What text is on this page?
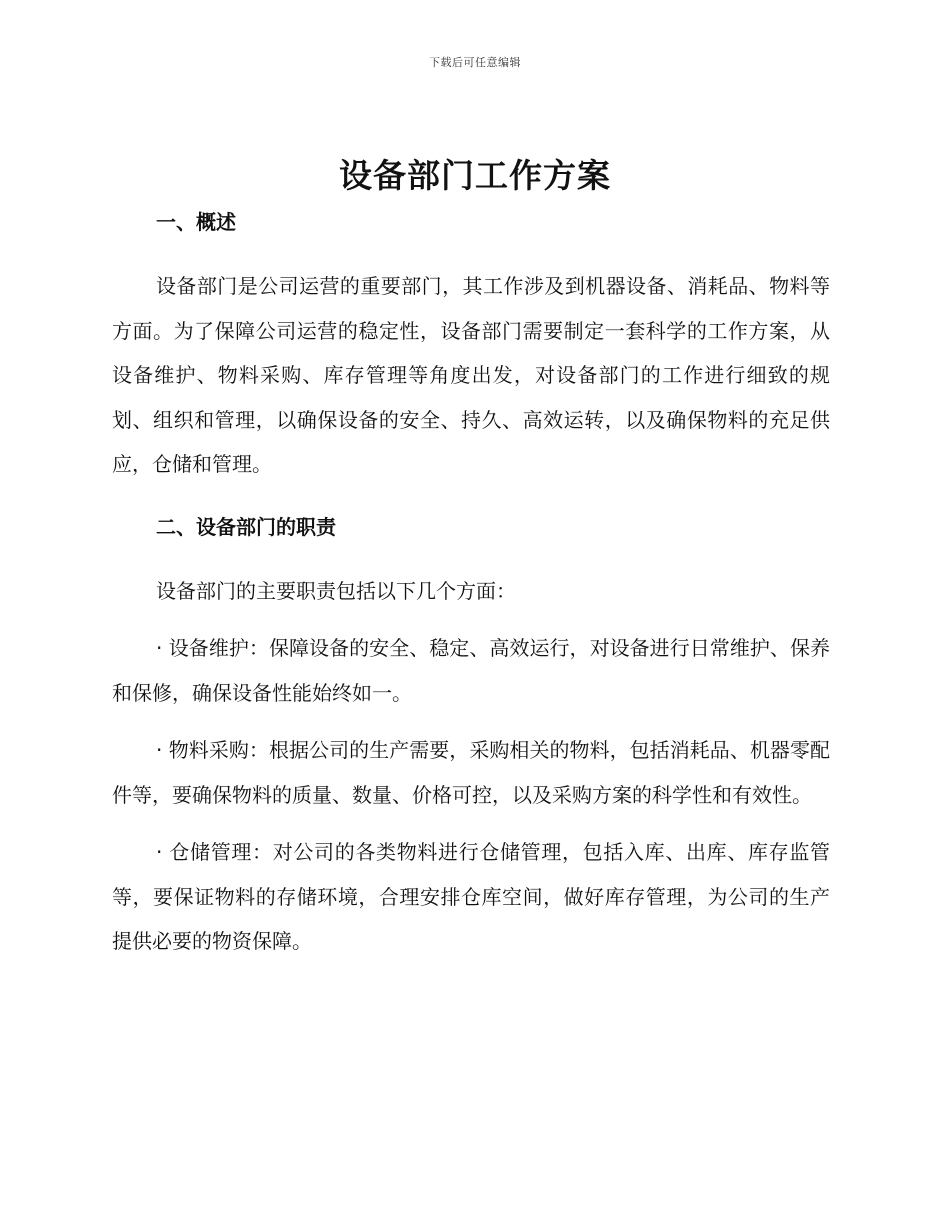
下载后可任意编辑
设备部门工作方案
一、概述

设备部门是公司运营的重要部门，其工作涉及到机器设备、消耗品、物料等方面。为了保障公司运营的稳定性，设备部门需要制定一套科学的工作方案，从设备维护、物料采购、库存管理等角度出发，对设备部门的工作进行细致的规划、组织和管理，以确保设备的安全、持久、高效运转，以及确保物料的充足供应，仓储和管理。

二、设备部门的职责

设备部门的主要职责包括以下几个方面：

· 设备维护：保障设备的安全、稳定、高效运行，对设备进行日常维护、保养和保修，确保设备性能始终如一。

· 物料采购：根据公司的生产需要，采购相关的物料，包括消耗品、机器零配件等，要确保物料的质量、数量、价格可控，以及采购方案的科学性和有效性。

· 仓储管理：对公司的各类物料进行仓储管理，包括入库、出库、库存监管等，要保证物料的存储环境，合理安排仓库空间，做好库存管理，为公司的生产提供必要的物资保障。
